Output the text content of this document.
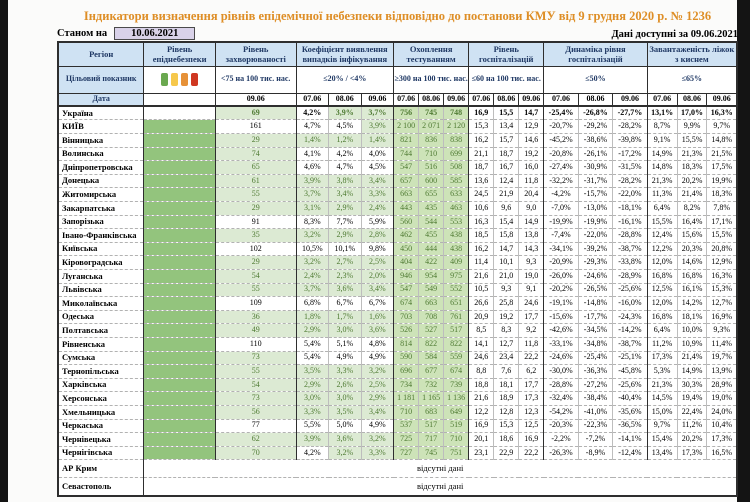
Індикатори визначення рівнів епідемічної небезпеки відповідно до постанови КМУ від 9 грудня 2020 р. № 1236
Станом на	10.06.2021	Дані доступні за 09.06.2021
Регіон	Рівень епіднебезпеки	Рівень захворюваності	Коефіцієнт виявлення випадків інфікування			Охоплення тестуванням			Рівень госпіталізацій			Динаміка рівня госпіталізацій			Завантаженість ліжок з киснем		
Цільовий показник		<75 на 100 тис. нас.	≤20% / <4%			≥300 на 100 тис. нас.			≤60 на 100 тис. нас.			≤50%			≤65%		
Дата		09.06	07.06	08.06	09.06	07.06	08.06	09.06	07.06	08.06	09.06	07.06	08.06	09.06	07.06	08.06	09.06
Україна		69	4,2%	3,9%	3,7%	756	745	748	16,9	15,5	14,7	-25,4%	-26,8%	-27,7%	13,1%	17,0%	16,3%
КИЇВ		161	4,7%	4,5%	3,9%	2 100	2 071	2 120	15,3	13,4	12,9	-20,7%	-29,2%	-28,2%	8,7%	9,9%	9,7%
Вінницька		29	1,4%	1,2%	1,4%	821	836	838	16,2	15,7	14,6	-45,2%	-38,6%	-39,8%	9,1%	15,5%	14,8%
Волинська		74	4,1%	4,2%	4,0%	744	710	699	21,1	18,7	19,2	-20,8%	-26,1%	-17,2%	14,9%	21,3%	21,5%
Дніпропетровська		65	4,6%	4,7%	4,5%	547	516	508	18,7	16,7	16,0	-27,4%	-30,9%	-31,5%	14,8%	18,3%	17,5%
Донецька		61	3,9%	3,8%	3,4%	657	600	585	13,6	12,4	11,8	-32,2%	-31,7%	-28,2%	21,3%	20,2%	19,9%
Житомирська		55	3,7%	3,4%	3,3%	663	655	633	24,5	21,9	20,4	-4,2%	-15,7%	-22,0%	11,3%	21,4%	18,3%
Закарпатська		29	3,1%	2,9%	2,4%	443	435	463	10,6	9,6	9,0	-7,0%	-13,0%	-18,1%	6,4%	8,2%	7,8%
Запорізька		91	8,3%	7,7%	5,9%	560	544	553	16,3	15,4	14,9	-19,9%	-19,9%	-16,1%	15,5%	16,4%	17,1%
Івано-Франківська		35	3,2%	2,9%	2,8%	462	455	438	18,5	15,8	13,8	-7,4%	-22,0%	-28,8%	12,4%	15,6%	15,5%
Київська		102	10,5%	10,1%	9,8%	450	444	438	16,2	14,7	14,3	-34,1%	-39,2%	-38,7%	12,2%	20,3%	20,8%
Кіровоградська		29	3,2%	2,7%	2,5%	404	422	409	11,4	10,1	9,3	-20,9%	-29,3%	-33,8%	12,0%	14,6%	12,9%
Луганська		54	2,4%	2,3%	2,0%	946	954	975	21,6	21,0	19,0	-26,0%	-24,6%	-28,9%	16,8%	16,8%	16,3%
Львівська		55	3,7%	3,6%	3,4%	547	549	552	10,5	9,3	9,1	-20,2%	-26,5%	-25,6%	12,5%	16,1%	15,3%
Миколаївська		109	6,8%	6,7%	6,7%	674	663	651	26,6	25,8	24,6	-19,1%	-14,8%	-16,0%	12,0%	14,2%	12,7%
Одеська		36	1,8%	1,7%	1,6%	703	708	761	20,9	19,2	17,7	-15,6%	-17,7%	-24,3%	16,8%	18,1%	16,9%
Полтавська		49	2,9%	3,0%	3,6%	526	527	517	8,5	8,3	9,2	-42,6%	-34,5%	-14,2%	6,4%	10,0%	9,3%
Рівненська		110	5,4%	5,1%	4,8%	814	822	822	14,1	12,7	11,8	-33,1%	-34,8%	-38,7%	11,2%	10,9%	11,4%
Сумська		73	5,4%	4,9%	4,9%	590	584	559	24,6	23,4	22,2	-24,6%	-25,4%	-25,1%	17,3%	21,4%	19,7%
Тернопільська		55	3,5%	3,3%	3,2%	696	677	674	8,8	7,6	6,2	-30,0%	-36,3%	-45,8%	5,3%	14,9%	13,9%
Харківська		54	2,9%	2,6%	2,5%	734	732	739	18,8	18,1	17,7	-28,8%	-27,2%	-25,6%	21,3%	30,3%	28,9%
Херсонська		73	3,0%	3,0%	2,9%	1 181	1 165	1 136	21,6	18,9	17,3	-32,4%	-38,4%	-40,4%	14,5%	19,4%	19,0%
Хмельницька		56	3,3%	3,5%	3,4%	710	683	649	12,2	12,8	12,3	-54,2%	-41,0%	-35,6%	15,0%	22,4%	24,0%
Черкаська		77	5,5%	5,0%	4,9%	537	517	519	16,9	15,3	12,5	-20,3%	-22,3%	-36,5%	9,7%	11,2%	10,4%
Чернівецька		62	3,9%	3,6%	3,2%	725	717	710	20,1	18,6	16,9	-2,2%	-7,2%	-14,1%	15,4%	20,2%	17,3%
Чернігівська		70	4,2%	3,2%	3,3%	727	745	751	23,1	22,9	22,2	-26,3%	-8,9%	-12,4%	13,4%	17,3%	16,5%
АР Крим	відсутні дані																
Севастополь	відсутні дані																
